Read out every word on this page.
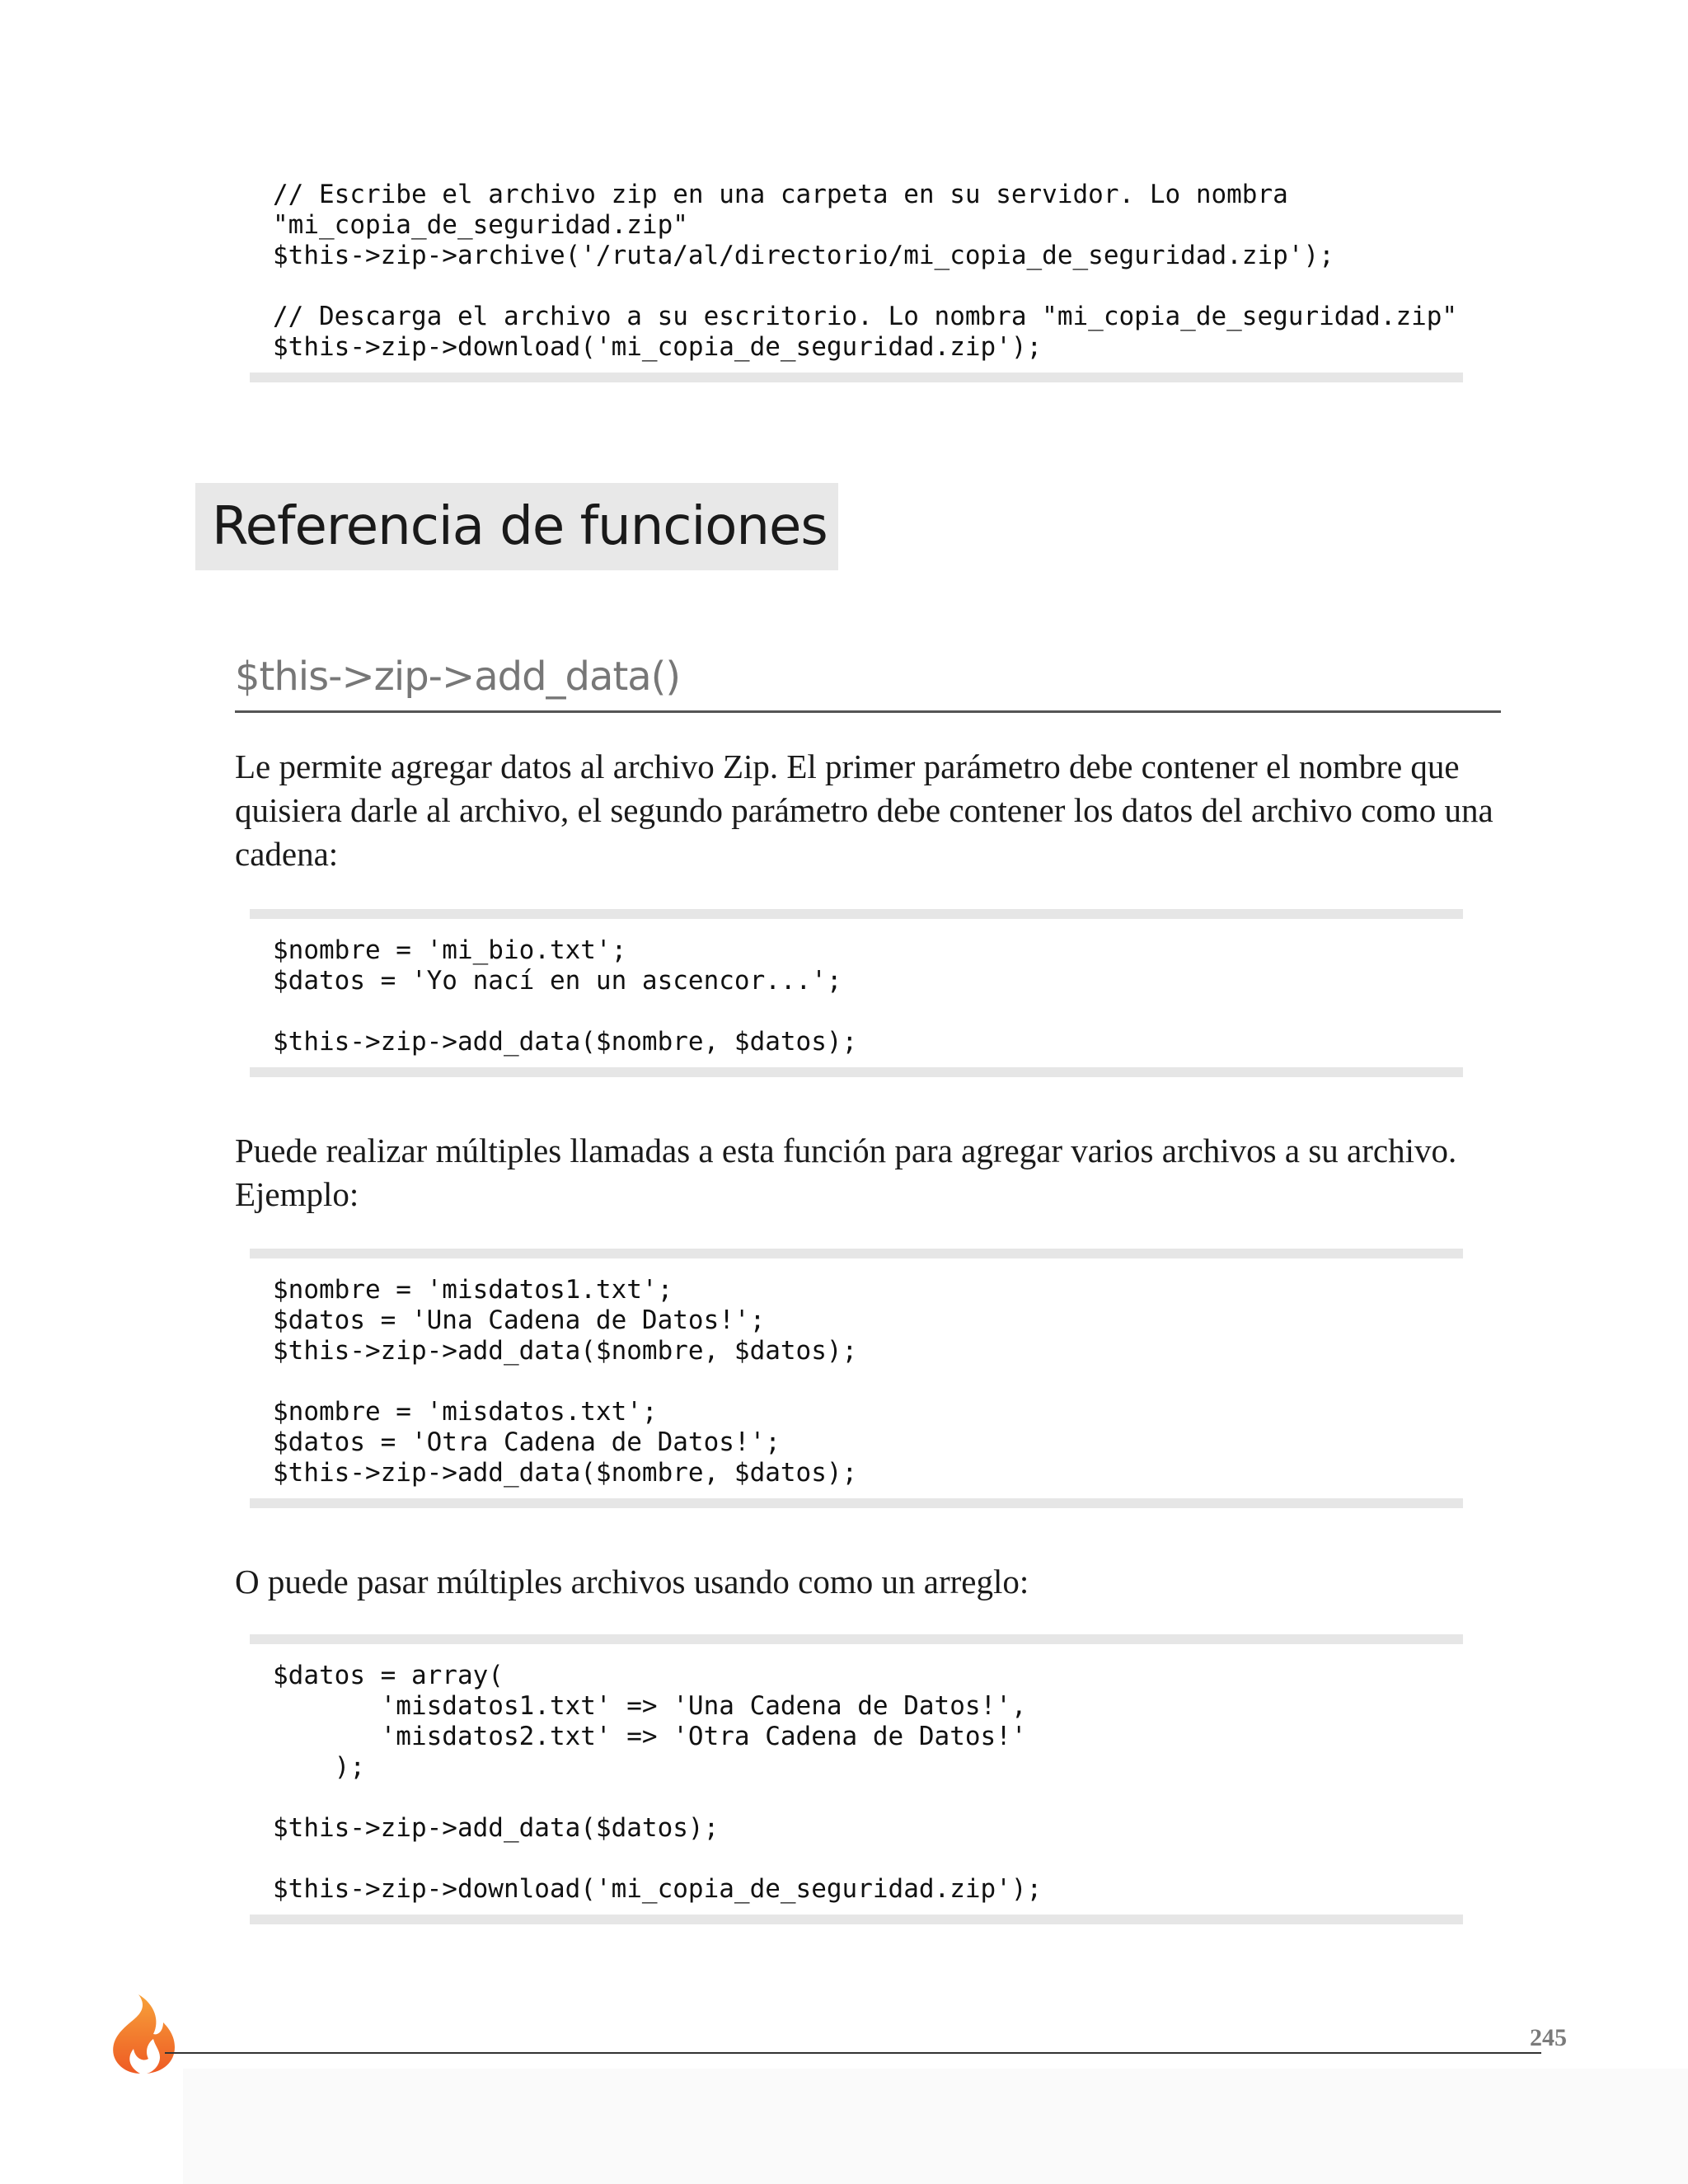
// Escribe el archivo zip en una carpeta en su servidor. Lo nombra
"mi_copia_de_seguridad.zip"
$this->zip->archive('/ruta/al/directorio/mi_copia_de_seguridad.zip');

// Descarga el archivo a su escritorio. Lo nombra "mi_copia_de_seguridad.zip"
$this->zip->download('mi_copia_de_seguridad.zip');
Referencia de funciones
$this->zip->add_data()

Le permite agregar datos al archivo Zip. El primer parámetro debe contener el nombre que quisiera darle al archivo, el segundo parámetro debe contener los datos del archivo como una cadena:

$nombre = 'mi_bio.txt';
$datos = 'Yo nací en un ascencor...';

$this->zip->add_data($nombre, $datos);

Puede realizar múltiples llamadas a esta función para agregar varios archivos a su archivo. Ejemplo:

$nombre = 'misdatos1.txt';
$datos = 'Una Cadena de Datos!';
$this->zip->add_data($nombre, $datos);

$nombre = 'misdatos.txt';
$datos = 'Otra Cadena de Datos!';
$this->zip->add_data($nombre, $datos);

O puede pasar múltiples archivos usando como un arreglo:

$datos = array(
'misdatos1.txt' => 'Una Cadena de Datos!',
'misdatos2.txt' => 'Otra Cadena de Datos!'
);

$this->zip->add_data($datos);

$this->zip->download('mi_copia_de_seguridad.zip');
245
